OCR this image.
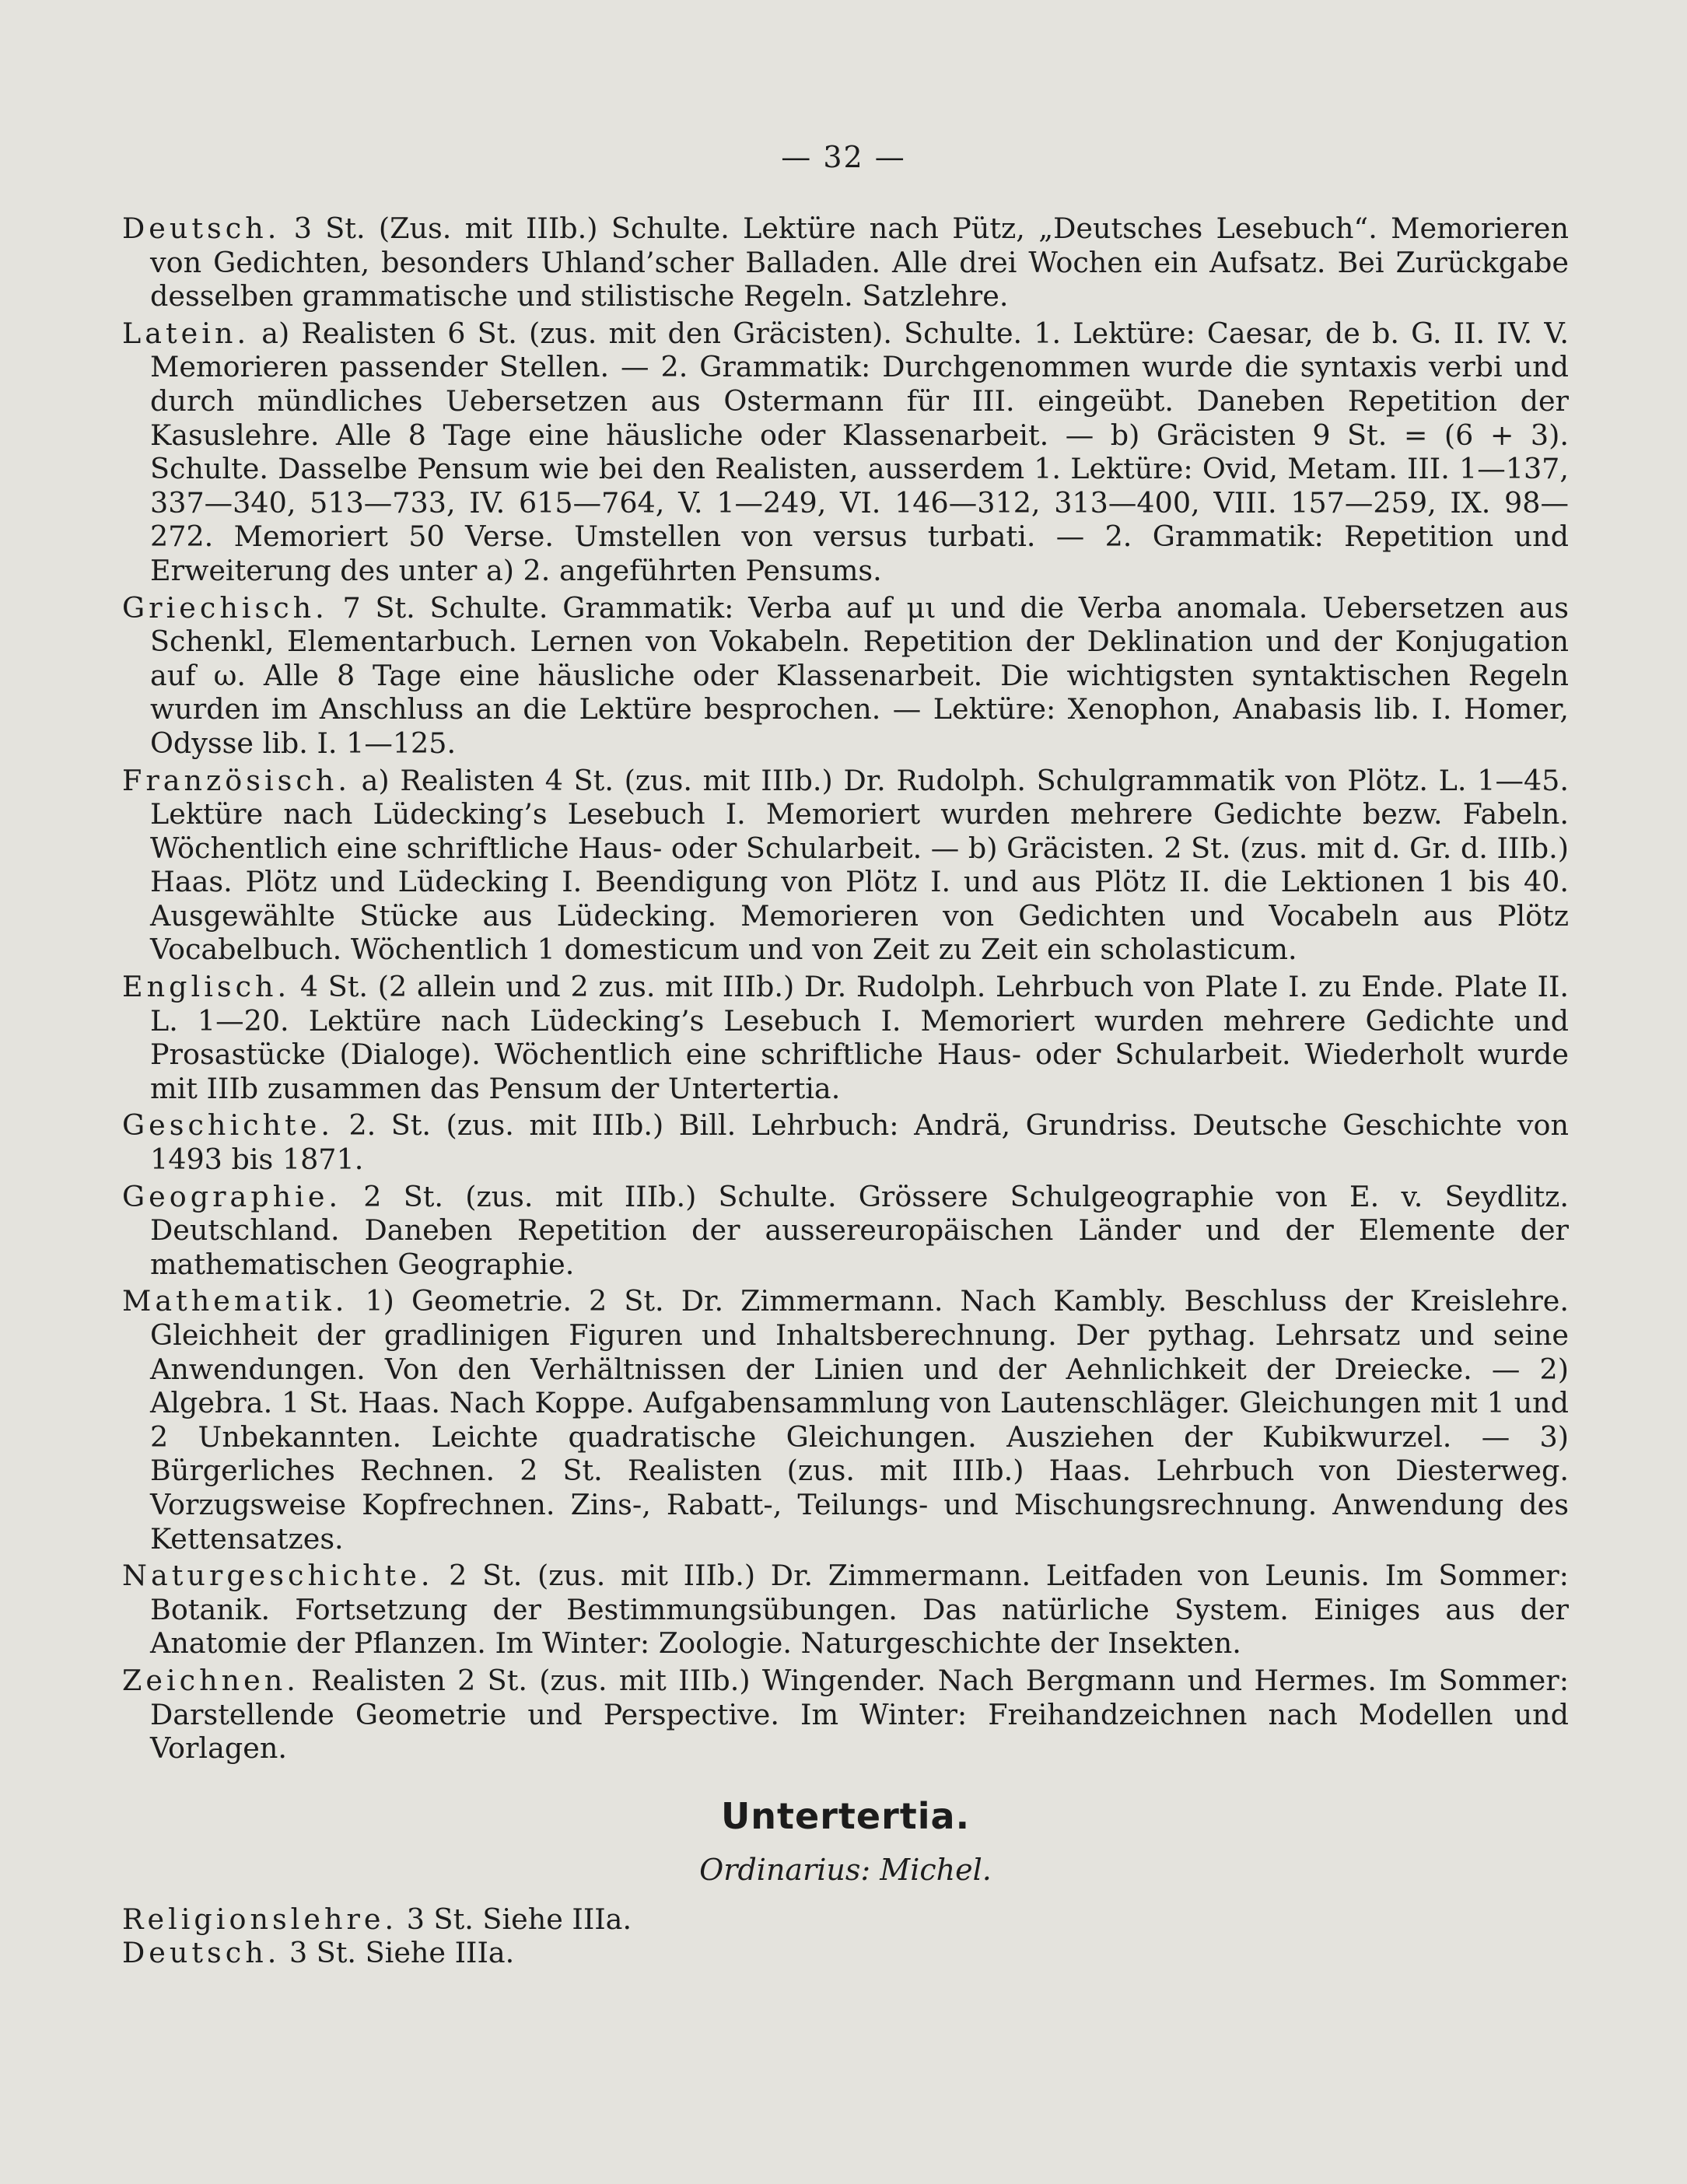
— 32 —

Deutsch. 3 St. (Zus. mit IIIb.) Schulte. Lektüre nach Pütz, „Deutsches Lesebuch“. Memorieren von Gedichten, besonders Uhland’scher Balladen. Alle drei Wochen ein Aufsatz. Bei Zurückgabe desselben grammatische und stilistische Regeln. Satzlehre.

Latein. a) Realisten 6 St. (zus. mit den Gräcisten). Schulte. 1. Lektüre: Caesar, de b. G. II. IV. V. Memorieren passender Stellen. — 2. Grammatik: Durchgenommen wurde die syntaxis verbi und durch mündliches Uebersetzen aus Ostermann für III. eingeübt. Daneben Repetition der Kasuslehre. Alle 8 Tage eine häusliche oder Klassenarbeit. — b) Gräcisten 9 St. = (6 + 3). Schulte. Dasselbe Pensum wie bei den Realisten, ausserdem 1. Lektüre: Ovid, Metam. III. 1—137, 337—340, 513—733, IV. 615—764, V. 1—249, VI. 146—312, 313—400, VIII. 157—259, IX. 98—272. Memoriert 50 Verse. Umstellen von versus turbati. — 2. Grammatik: Repetition und Erweiterung des unter a) 2. angeführten Pensums.

Griechisch. 7 St. Schulte. Grammatik: Verba auf μι und die Verba anomala. Uebersetzen aus Schenkl, Elementarbuch. Lernen von Vokabeln. Repetition der Deklination und der Konjugation auf ω. Alle 8 Tage eine häusliche oder Klassenarbeit. Die wichtigsten syntaktischen Regeln wurden im Anschluss an die Lektüre besprochen. — Lektüre: Xenophon, Anabasis lib. I. Homer, Odysse lib. I. 1—125.

Französisch. a) Realisten 4 St. (zus. mit IIIb.) Dr. Rudolph. Schulgrammatik von Plötz. L. 1—45. Lektüre nach Lüdecking’s Lesebuch I. Memoriert wurden mehrere Gedichte bezw. Fabeln. Wöchentlich eine schriftliche Haus- oder Schularbeit. — b) Gräcisten. 2 St. (zus. mit d. Gr. d. IIIb.) Haas. Plötz und Lüdecking I. Beendigung von Plötz I. und aus Plötz II. die Lektionen 1 bis 40. Ausgewählte Stücke aus Lüdecking. Memorieren von Gedichten und Vocabeln aus Plötz Vocabelbuch. Wöchentlich 1 domesticum und von Zeit zu Zeit ein scholasticum.

Englisch. 4 St. (2 allein und 2 zus. mit IIIb.) Dr. Rudolph. Lehrbuch von Plate I. zu Ende. Plate II. L. 1—20. Lektüre nach Lüdecking’s Lesebuch I. Memoriert wurden mehrere Gedichte und Prosastücke (Dialoge). Wöchentlich eine schriftliche Haus- oder Schularbeit. Wiederholt wurde mit IIIb zusammen das Pensum der Untertertia.

Geschichte. 2. St. (zus. mit IIIb.) Bill. Lehrbuch: Andrä, Grundriss. Deutsche Geschichte von 1493 bis 1871.

Geographie. 2 St. (zus. mit IIIb.) Schulte. Grössere Schulgeographie von E. v. Seydlitz. Deutschland. Daneben Repetition der aussereuropäischen Länder und der Elemente der mathematischen Geographie.

Mathematik. 1) Geometrie. 2 St. Dr. Zimmermann. Nach Kambly. Beschluss der Kreislehre. Gleichheit der gradlinigen Figuren und Inhaltsberechnung. Der pythag. Lehrsatz und seine Anwendungen. Von den Verhältnissen der Linien und der Aehnlichkeit der Dreiecke. — 2) Algebra. 1 St. Haas. Nach Koppe. Aufgabensammlung von Lautenschläger. Gleichungen mit 1 und 2 Unbekannten. Leichte quadratische Gleichungen. Ausziehen der Kubikwurzel. — 3) Bürgerliches Rechnen. 2 St. Realisten (zus. mit IIIb.) Haas. Lehrbuch von Diesterweg. Vorzugsweise Kopfrechnen. Zins-, Rabatt-, Teilungs- und Mischungsrechnung. Anwendung des Kettensatzes.

Naturgeschichte. 2 St. (zus. mit IIIb.) Dr. Zimmermann. Leitfaden von Leunis. Im Sommer: Botanik. Fortsetzung der Bestimmungsübungen. Das natürliche System. Einiges aus der Anatomie der Pflanzen. Im Winter: Zoologie. Naturgeschichte der Insekten.

Zeichnen. Realisten 2 St. (zus. mit IIIb.) Wingender. Nach Bergmann und Hermes. Im Sommer: Darstellende Geometrie und Perspective. Im Winter: Freihandzeichnen nach Modellen und Vorlagen.

Untertertia.
Ordinarius: Michel.

Religionslehre. 3 St. Siehe IIIa.

Deutsch. 3 St. Siehe IIIa.
